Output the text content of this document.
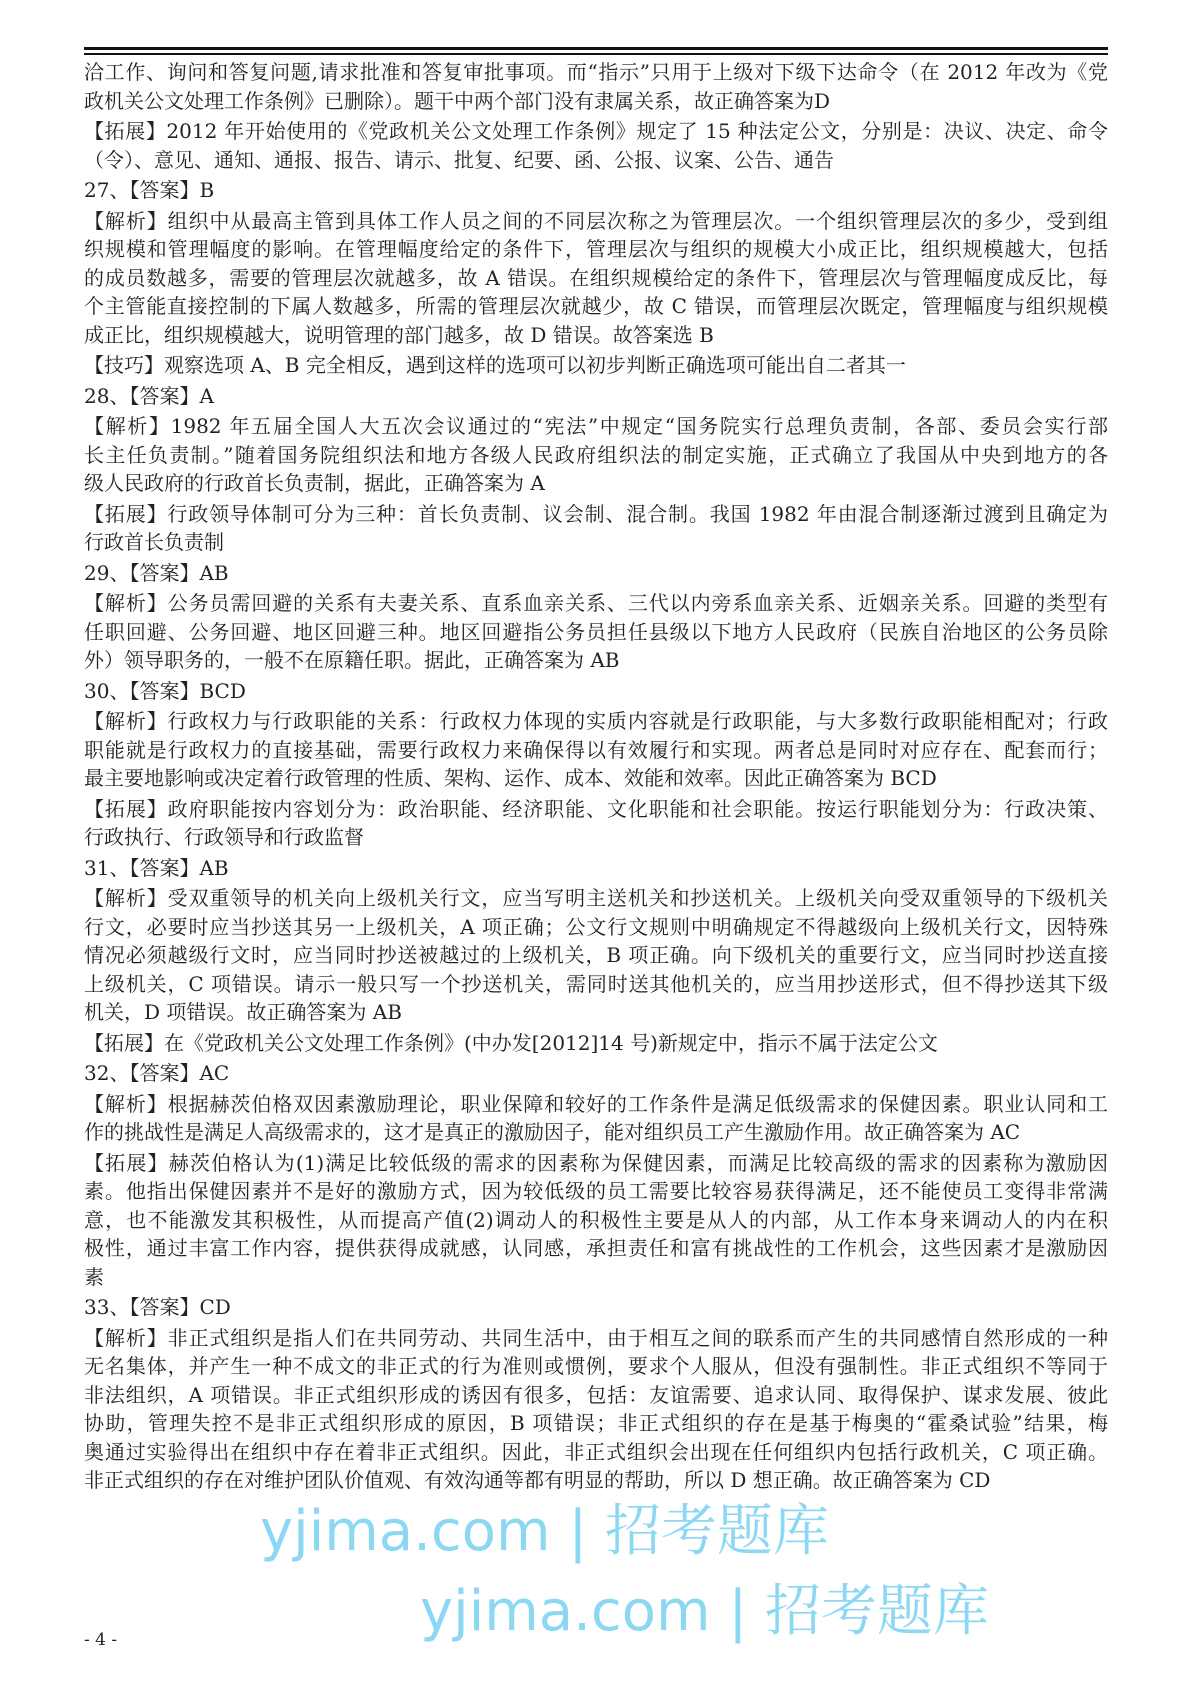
洽工作、询问和答复问题,请求批准和答复审批事项。而“指示”只用于上级对下级下达命令（在 2012 年改为《党
政机关公文处理工作条例》已删除）。题干中两个部门没有隶属关系，故正确答案为D
【拓展】2012 年开始使用的《党政机关公文处理工作条例》规定了 15 种法定公文，分别是：决议、决定、命令
（令）、意见、通知、通报、报告、请示、批复、纪要、函、公报、议案、公告、通告
27、【答案】B
【解析】组织中从最高主管到具体工作人员之间的不同层次称之为管理层次。一个组织管理层次的多少，受到组
织规模和管理幅度的影响。在管理幅度给定的条件下，管理层次与组织的规模大小成正比，组织规模越大，包括
的成员数越多，需要的管理层次就越多，故 A 错误。在组织规模给定的条件下，管理层次与管理幅度成反比，每
个主管能直接控制的下属人数越多，所需的管理层次就越少，故 C 错误，而管理层次既定，管理幅度与组织规模
成正比，组织规模越大，说明管理的部门越多，故 D 错误。故答案选 B
【技巧】观察选项 A、B 完全相反，遇到这样的选项可以初步判断正确选项可能出自二者其一
28、【答案】A
【解析】1982 年五届全国人大五次会议通过的“宪法”中规定“国务院实行总理负责制，各部、委员会实行部
长主任负责制。”随着国务院组织法和地方各级人民政府组织法的制定实施，正式确立了我国从中央到地方的各
级人民政府的行政首长负责制，据此，正确答案为 A
【拓展】行政领导体制可分为三种：首长负责制、议会制、混合制。我国 1982 年由混合制逐渐过渡到且确定为
行政首长负责制
29、【答案】AB
【解析】公务员需回避的关系有夫妻关系、直系血亲关系、三代以内旁系血亲关系、近姻亲关系。回避的类型有
任职回避、公务回避、地区回避三种。地区回避指公务员担任县级以下地方人民政府（民族自治地区的公务员除
外）领导职务的，一般不在原籍任职。据此，正确答案为 AB
30、【答案】BCD
【解析】行政权力与行政职能的关系：行政权力体现的实质内容就是行政职能，与大多数行政职能相配对；行政
职能就是行政权力的直接基础，需要行政权力来确保得以有效履行和实现。两者总是同时对应存在、配套而行；
最主要地影响或决定着行政管理的性质、架构、运作、成本、效能和效率。因此正确答案为 BCD
【拓展】政府职能按内容划分为：政治职能、经济职能、文化职能和社会职能。按运行职能划分为：行政决策、
行政执行、行政领导和行政监督
31、【答案】AB
【解析】受双重领导的机关向上级机关行文，应当写明主送机关和抄送机关。上级机关向受双重领导的下级机关
行文，必要时应当抄送其另一上级机关，A 项正确；公文行文规则中明确规定不得越级向上级机关行文，因特殊
情况必须越级行文时，应当同时抄送被越过的上级机关，B 项正确。向下级机关的重要行文，应当同时抄送直接
上级机关，C 项错误。请示一般只写一个抄送机关，需同时送其他机关的，应当用抄送形式，但不得抄送其下级
机关，D 项错误。故正确答案为 AB
【拓展】在《党政机关公文处理工作条例》(中办发[2012]14 号)新规定中，指示不属于法定公文
32、【答案】AC
【解析】根据赫茨伯格双因素激励理论，职业保障和较好的工作条件是满足低级需求的保健因素。职业认同和工
作的挑战性是满足人高级需求的，这才是真正的激励因子，能对组织员工产生激励作用。故正确答案为 AC
【拓展】赫茨伯格认为(1)满足比较低级的需求的因素称为保健因素，而满足比较高级的需求的因素称为激励因
素。他指出保健因素并不是好的激励方式，因为较低级的员工需要比较容易获得满足，还不能使员工变得非常满
意，也不能激发其积极性，从而提高产值(2)调动人的积极性主要是从人的内部，从工作本身来调动人的内在积
极性，通过丰富工作内容，提供获得成就感，认同感，承担责任和富有挑战性的工作机会，这些因素才是激励因
素
33、【答案】CD
【解析】非正式组织是指人们在共同劳动、共同生活中，由于相互之间的联系而产生的共同感情自然形成的一种
无名集体，并产生一种不成文的非正式的行为准则或惯例，要求个人服从，但没有强制性。非正式组织不等同于
非法组织，A 项错误。非正式组织形成的诱因有很多，包括：友谊需要、追求认同、取得保护、谋求发展、彼此
协助，管理失控不是非正式组织形成的原因，B 项错误；非正式组织的存在是基于梅奥的“霍桑试验”结果，梅
奥通过实验得出在组织中存在着非正式组织。因此，非正式组织会出现在任何组织内包括行政机关，C 项正确。
非正式组织的存在对维护团队价值观、有效沟通等都有明显的帮助，所以 D 想正确。故正确答案为 CD
- 4 -
yjima.com | 招考题库
yjima.com | 招考题库
